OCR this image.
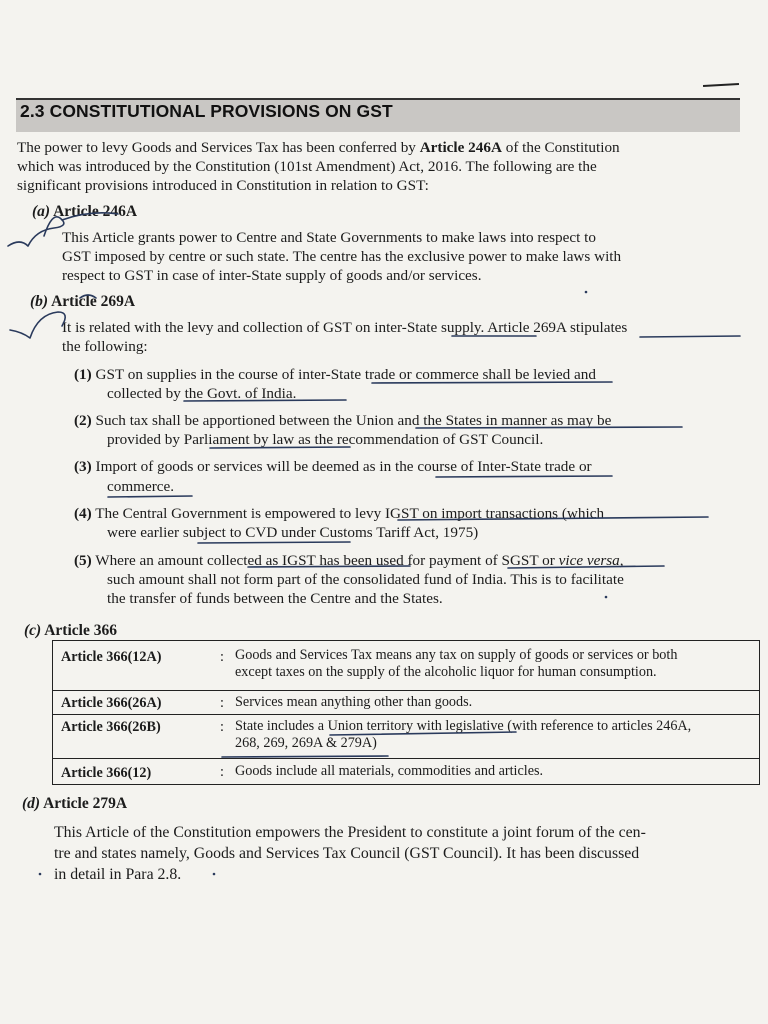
2.3 CONSTITUTIONAL PROVISIONS ON GST
The power to levy Goods and Services Tax has been conferred by Article 246A of the Constitution
which was introduced by the Constitution (101st Amendment) Act, 2016. The following are the
significant provisions introduced in Constitution in relation to GST:
(a) Article 246A
This Article grants power to Centre and State Governments to make laws into respect to
GST imposed by centre or such state. The centre has the exclusive power to make laws with
respect to GST in case of inter-State supply of goods and/or services.
(b) Article 269A
It is related with the levy and collection of GST on inter-State supply. Article 269A stipulates
the following:
(1) GST on supplies in the course of inter-State trade or commerce shall be levied and
collected by the Govt. of India.
(2) Such tax shall be apportioned between the Union and the States in manner as may be
provided by Parliament by law as the recommendation of GST Council.
(3) Import of goods or services will be deemed as in the course of Inter-State trade or
commerce.
(4) The Central Government is empowered to levy IGST on import transactions (which
were earlier subject to CVD under Customs Tariff Act, 1975)
(5) Where an amount collected as IGST has been used for payment of SGST or vice versa,
such amount shall not form part of the consolidated fund of India. This is to facilitate
the transfer of funds between the Centre and the States.
(c) Article 366
Article 366(12A)	:	Goods and Services Tax means any tax on supply of goods or services or both
except taxes on the supply of the alcoholic liquor for human consumption.

Article 366(26A)	:	Services mean anything other than goods.

Article 366(26B)	:	State includes a Union territory with legislative (with reference to articles 246A,
268, 269, 269A & 279A)

Article 366(12)	:	Goods include all materials, commodities and articles.
(d) Article 279A
This Article of the Constitution empowers the President to constitute a joint forum of the cen-
tre and states namely, Goods and Services Tax Council (GST Council). It has been discussed
in detail in Para 2.8.
